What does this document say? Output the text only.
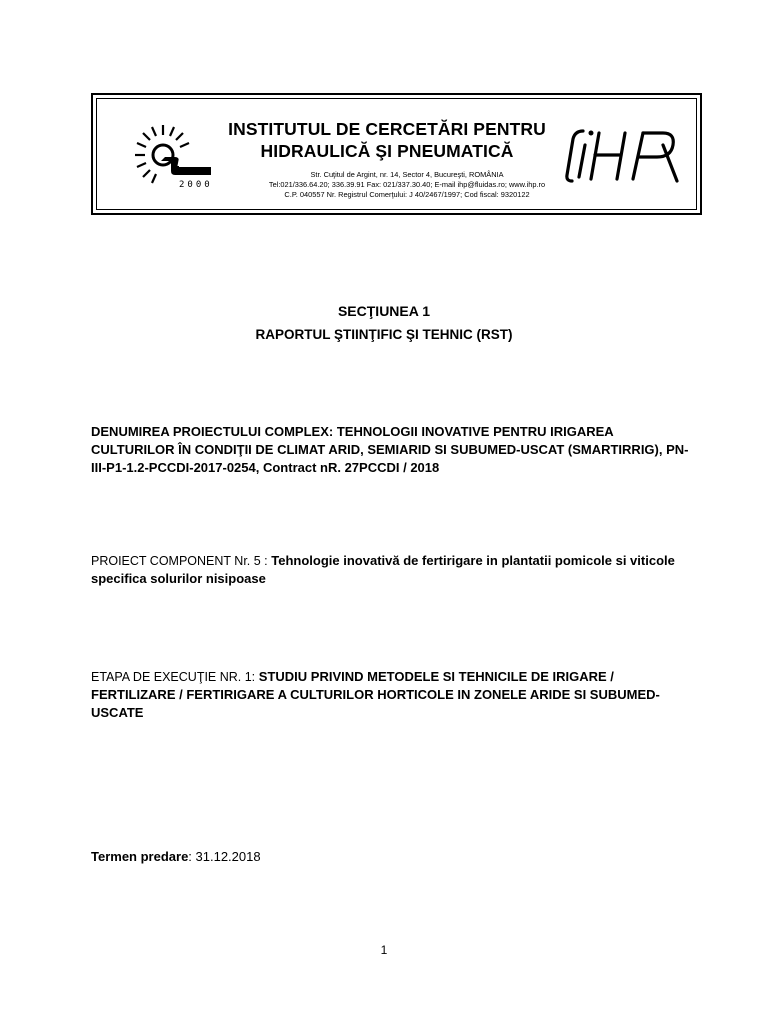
noe
2000
INSTITUTUL DE CERCETĂRI PENTRU
HIDRAULICĂ ŞI PNEUMATICĂ
Str. Cuţitul de Argint, nr. 14, Sector 4, Bucureşti, ROMÂNIA
Tel:021/336.64.20; 336.39.91 Fax: 021/337.30.40; E-mail ihp@fluidas.ro; www.ihp.ro
C.P. 040557 Nr. Registrul Comerţului: J 40/2467/1997; Cod fiscal: 9320122
SECŢIUNEA 1
RAPORTUL ŞTIINŢIFIC ŞI TEHNIC (RST)
DENUMIREA PROIECTULUI COMPLEX: TEHNOLOGII INOVATIVE PENTRU IRIGAREA CULTURILOR ÎN CONDIŢII DE CLIMAT ARID, SEMIARID SI SUBUMED-USCAT (SMARTIRRIG), PN-III-P1-1.2-PCCDI-2017-0254, Contract nR. 27PCCDI / 2018
PROIECT COMPONENT Nr. 5 : Tehnologie inovativă de fertirigare in plantatii pomicole si viticole specifica solurilor nisipoase
ETAPA DE EXECUŢIE NR. 1: STUDIU PRIVIND METODELE SI TEHNICILE DE IRIGARE / FERTILIZARE / FERTIRIGARE A CULTURILOR HORTICOLE IN ZONELE ARIDE SI SUBUMED-USCATE
Termen predare: 31.12.2018
1
